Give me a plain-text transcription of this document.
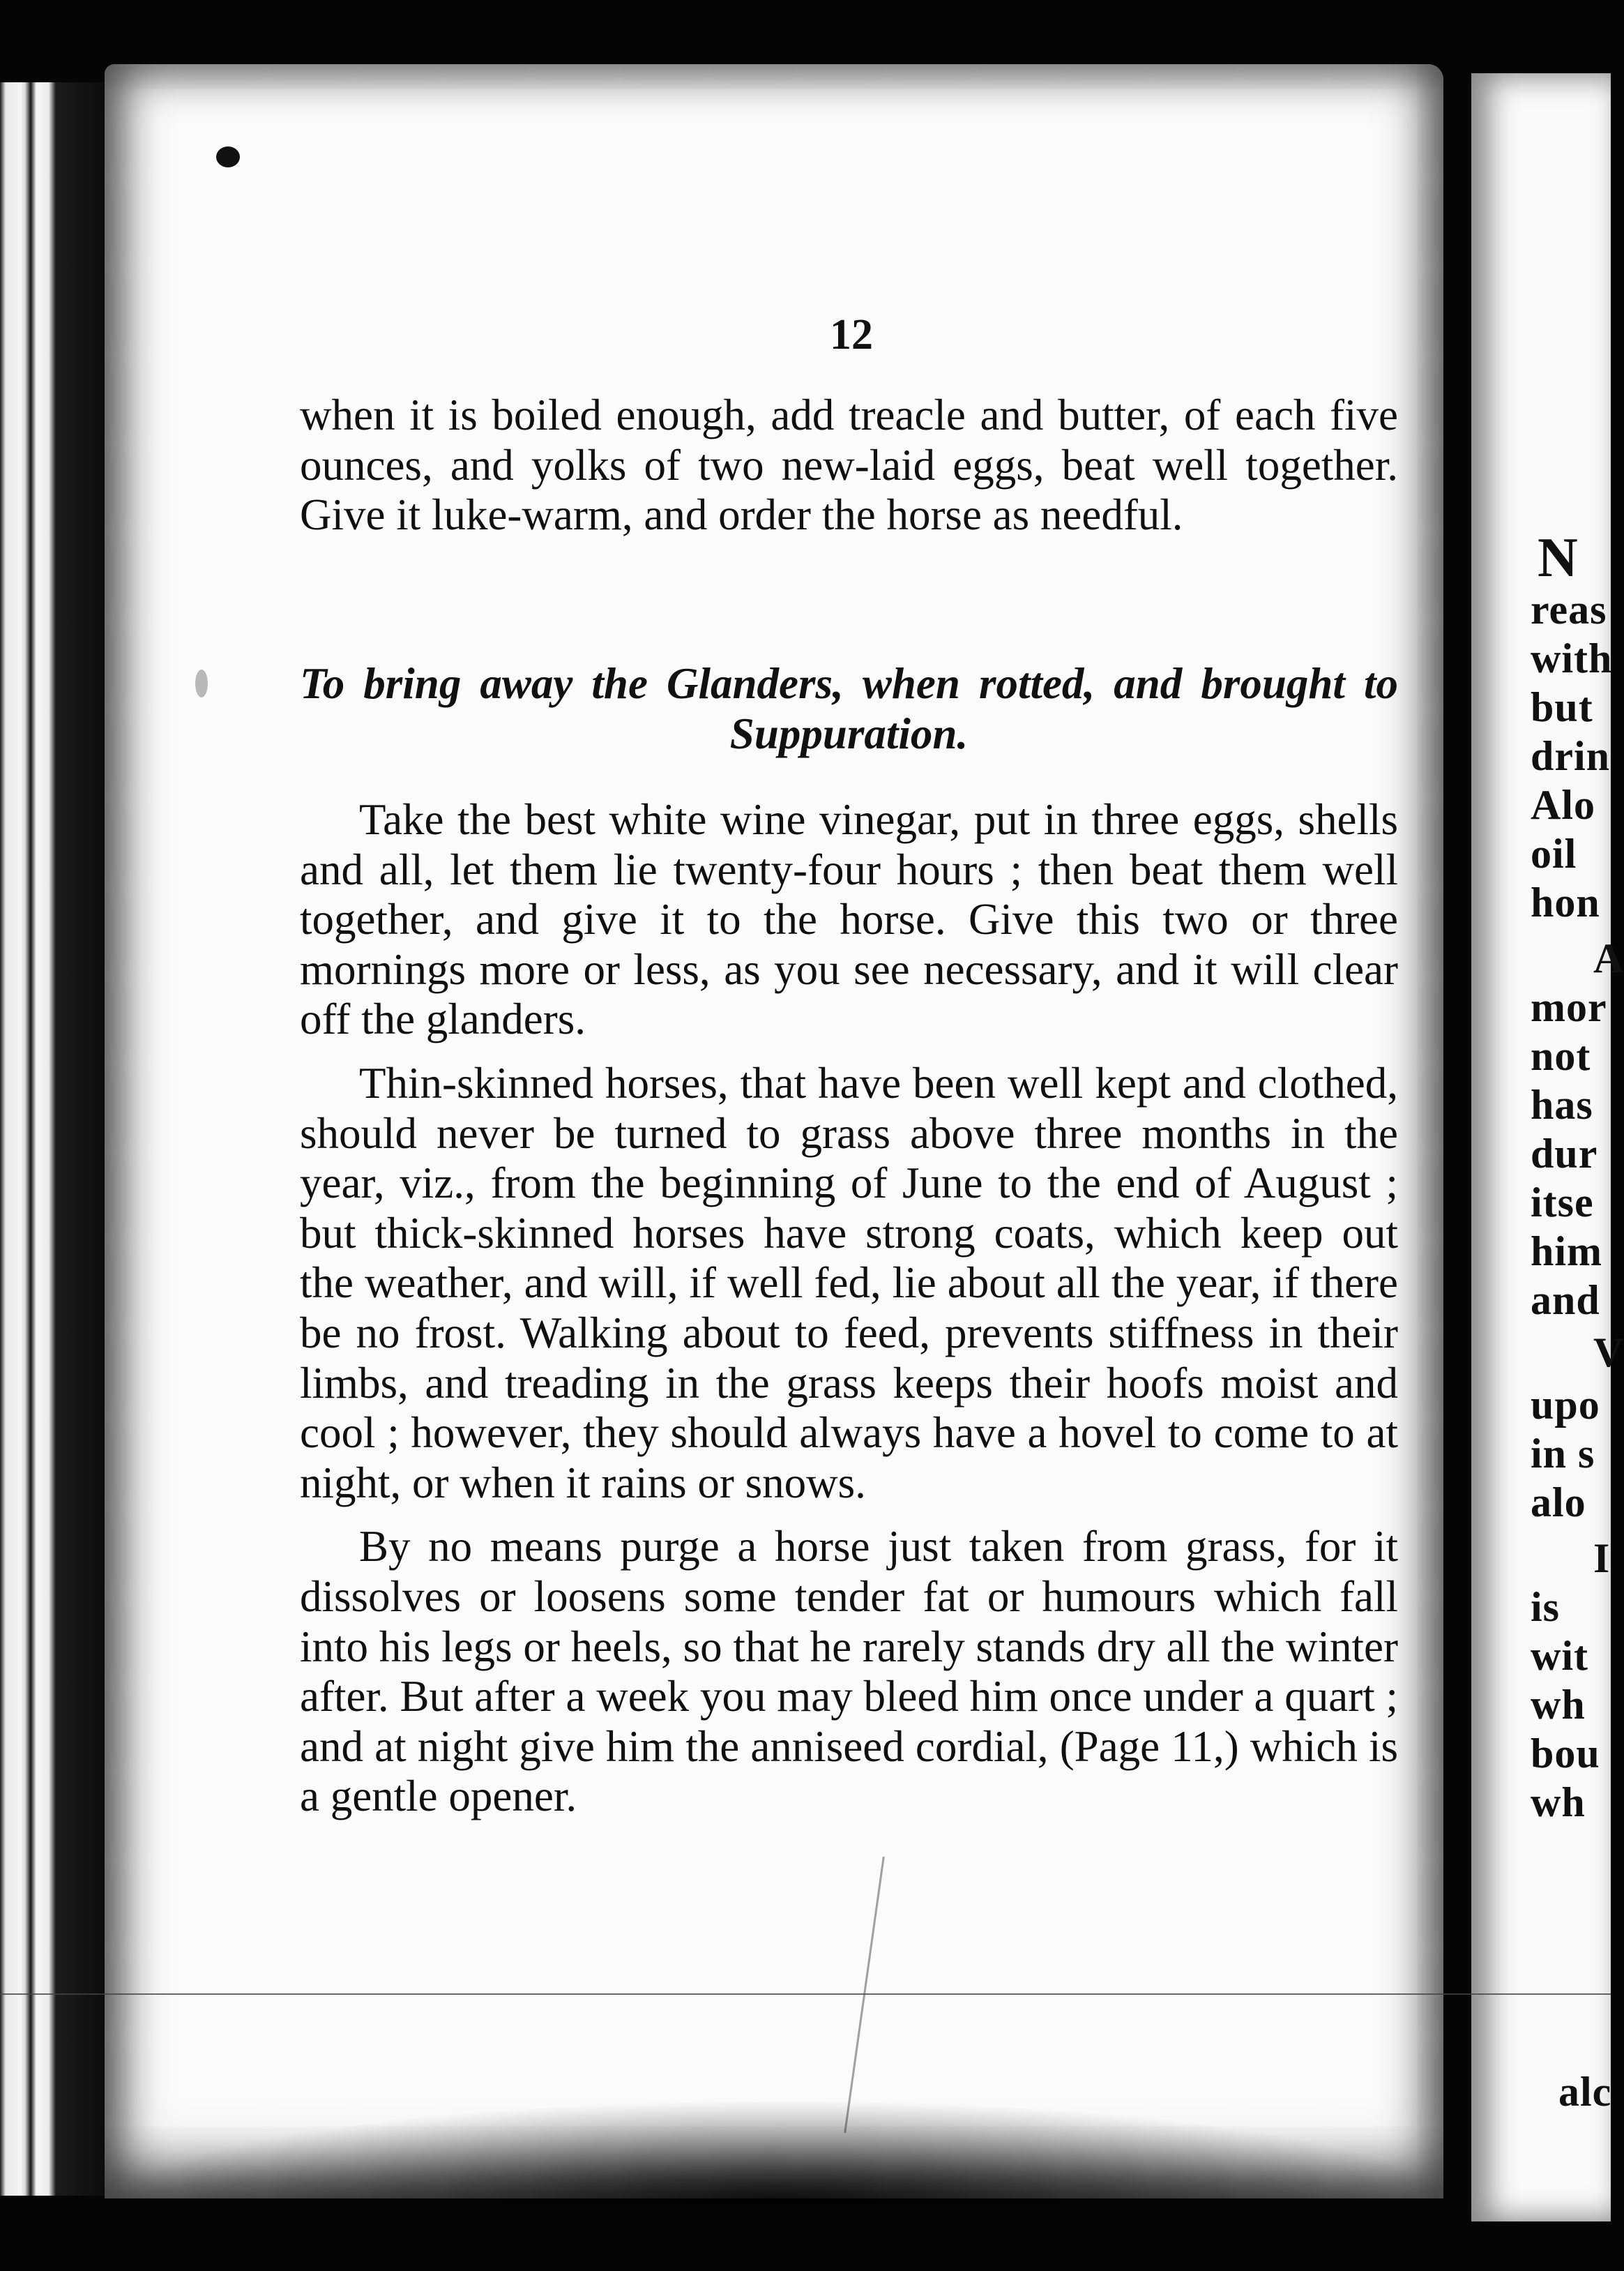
N
reas
with
but
drin
Alo
oil
hon
A
mor
not
has
dur
itse
him
and
V
upo
in s
alo
I
is
wit
wh
bou
wh
alc
12

when it is boiled enough, add treacle and butter, of each five ounces, and yolks of two new-laid eggs, beat well together. Give it luke-warm, and order the horse as needful.

To bring away the Glanders, when rotted, and brought to Suppuration.

Take the best white wine vinegar, put in three eggs, shells and all, let them lie twenty-four hours ; then beat them well together, and give it to the horse. Give this two or three mornings more or less, as you see necessary, and it will clear off the glanders.

Thin-skinned horses, that have been well kept and clothed, should never be turned to grass above three months in the year, viz., from the beginning of June to the end of August ; but thick-skinned horses have strong coats, which keep out the weather, and will, if well fed, lie about all the year, if there be no frost. Walking about to feed, prevents stiffness in their limbs, and treading in the grass keeps their hoofs moist and cool ; however, they should always have a hovel to come to at night, or when it rains or snows.

By no means purge a horse just taken from grass, for it dissolves or loosens some tender fat or humours which fall into his legs or heels, so that he rarely stands dry all the winter after. But after a week you may bleed him once under a quart ; and at night give him the anniseed cordial, (Page 11,) which is a gentle opener.
